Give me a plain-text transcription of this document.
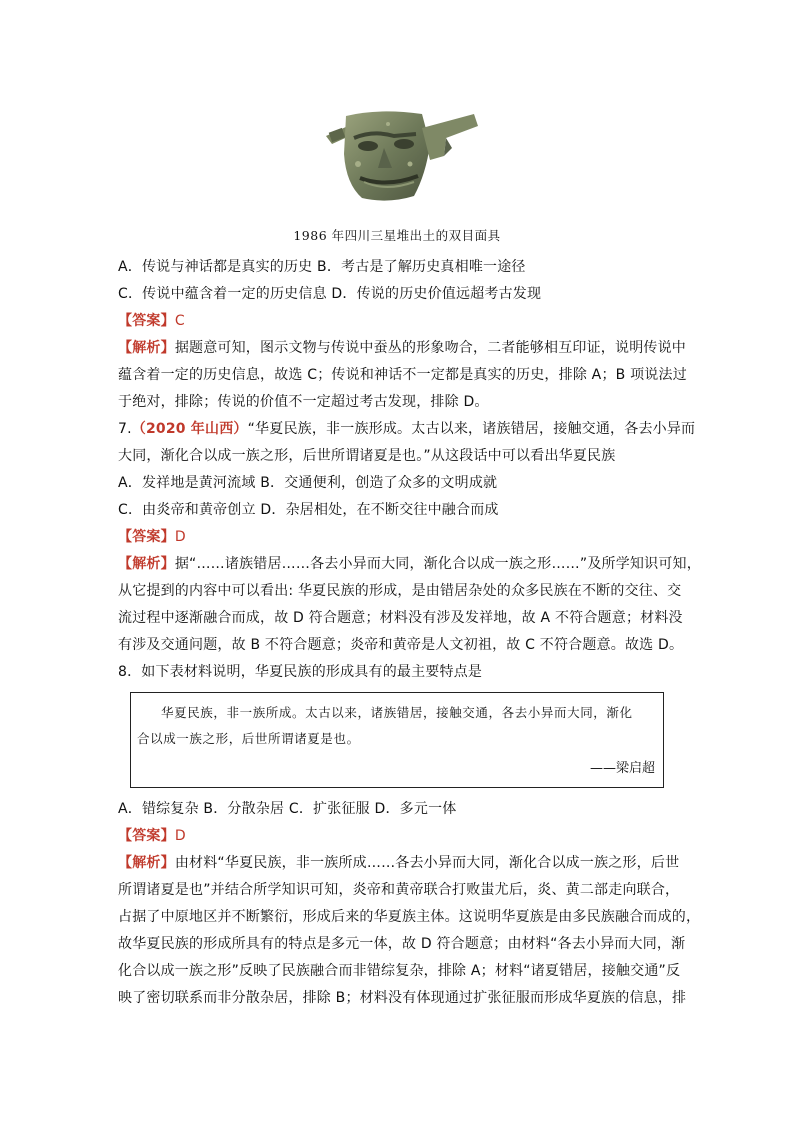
1986 年四川三星堆出土的双目面具
A．传说与神话都是真实的历史 B．考古是了解历史真相唯一途径
C．传说中蕴含着一定的历史信息 D．传说的历史价值远超考古发现
【答案】C
【解析】据题意可知，图示文物与传说中蚕丛的形象吻合，二者能够相互印证，说明传说中
蕴含着一定的历史信息，故选 C；传说和神话不一定都是真实的历史，排除 A；B 项说法过
于绝对，排除；传说的价值不一定超过考古发现，排除 D。
7.（2020 年山西）“华夏民族，非一族形成。太古以来，诸族错居，接触交通，各去小异而
大同，渐化合以成一族之形，后世所谓诸夏是也。”从这段话中可以看出华夏民族
A．发祥地是黄河流域 B．交通便利，创造了众多的文明成就
C．由炎帝和黄帝创立 D．杂居相处，在不断交往中融合而成
【答案】D
【解析】据“……诸族错居……各去小异而大同，渐化合以成一族之形……”及所学知识可知，
从它提到的内容中可以看出: 华夏民族的形成，是由错居杂处的众多民族在不断的交往、交
流过程中逐渐融合而成，故 D 符合题意；材料没有涉及发祥地，故 A 不符合题意；材料没
有涉及交通问题，故 B 不符合题意；炎帝和黄帝是人文初祖，故 C 不符合题意。故选 D。
8．如下表材料说明，华夏民族的形成具有的最主要特点是
华夏民族，非一族所成。太古以来，诸族错居，接触交通，各去小异而大同，渐化
合以成一族之形，后世所谓诸夏是也。
——梁启超
A．错综复杂 B．分散杂居 C．扩张征服 D．多元一体
【答案】D
【解析】由材料“华夏民族，非一族所成……各去小异而大同，渐化合以成一族之形，后世
所谓诸夏是也”并结合所学知识可知，炎帝和黄帝联合打败蚩尤后，炎、黄二部走向联合，
占据了中原地区并不断繁衍，形成后来的华夏族主体。这说明华夏族是由多民族融合而成的，
故华夏民族的形成所具有的特点是多元一体，故 D 符合题意；由材料“各去小异而大同，渐
化合以成一族之形”反映了民族融合而非错综复杂，排除 A；材料“诸夏错居，接触交通”反
映了密切联系而非分散杂居，排除 B；材料没有体现通过扩张征服而形成华夏族的信息，排
